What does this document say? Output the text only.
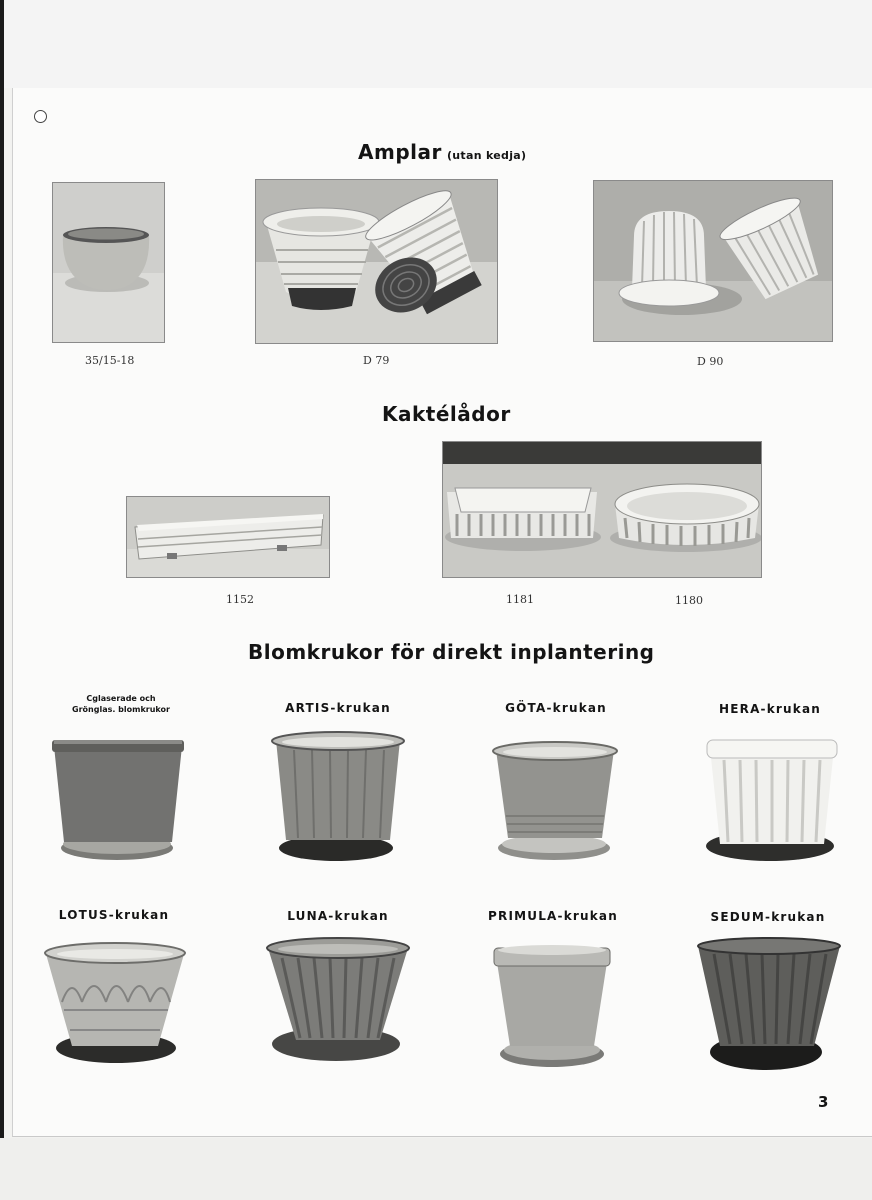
Amplar (utan kedja)
35/15-18	D 79	D 90
Kaktélådor
1152	1181	1180
Blomkrukor för direkt inplantering
Cglaserade och
Grönglas. blomkrukor	ARTIS-krukan	GÖTA-krukan	HERA-krukan
LOTUS-krukan	LUNA-krukan	PRIMULA-krukan	SEDUM-krukan
3
